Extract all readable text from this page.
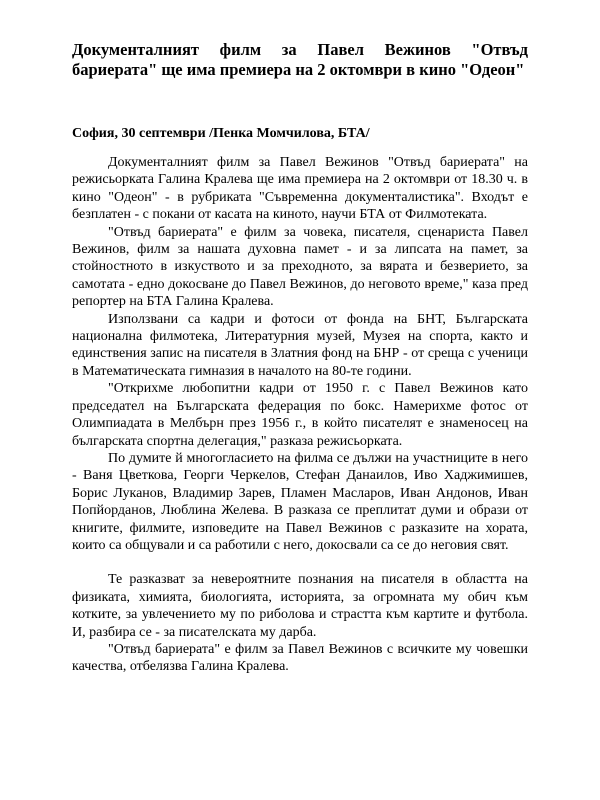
Документалният филм за Павел Вежинов "Отвъд бариерата" ще има премиера на 2 октомври в кино "Одеон"
София, 30 септември /Пенка Момчилова, БТА/

Документалният филм за Павел Вежинов "Отвъд бариерата" на режисьорката Галина Кралева ще има премиера на 2 октомври от 18.30 ч. в кино "Одеон" - в рубриката "Съвременна документалистика". Входът е безплатен - с покани от касата на киното, научи БТА от Филмотеката.

"Отвъд бариерата" е филм за човека, писателя, сценариста Павел Вежинов, филм за нашата духовна памет - и за липсата на памет, за стойностното в изкуството и за преходното, за вярата и безверието, за самотата - едно докосване до Павел Вежинов, до неговото време," каза пред репортер на БТА Галина Кралева.

Използвани са кадри и фотоси от фонда на БНТ, Българската национална филмотека, Литературния музей, Музея на спорта, както и единствения запис на писателя в Златния фонд на БНР - от среща с ученици в Математическата гимназия в началото на 80-те години.

"Открихме любопитни кадри от 1950 г. с Павел Вежинов като председател на Българската федерация по бокс. Намерихме фотос от Олимпиадата в Мелбърн през 1956 г., в който писателят е знаменосец на българската спортна делегация," разказа режисьорката.

По думите й многогласието на филма се дължи на участниците в него - Ваня Цветкова, Георги Черкелов, Стефан Данаилов, Иво Хаджимишев, Борис Луканов, Владимир Зарев, Пламен Масларов, Иван Андонов, Иван Попйорданов, Люблина Желева. В разказа се преплитат думи и образи от книгите, филмите, изповедите на Павел Вежинов с разказите на хората, които са общували и са работили с него, докосвали са се до неговия свят.

Те разказват за невероятните познания на писателя в областта на физиката, химията, биологията, историята, за огромната му обич към котките, за увлечението му по риболова и страстта към картите и футбола. И, разбира се - за писателската му дарба.

"Отвъд бариерата" е филм за Павел Вежинов с всичките му човешки качества, отбелязва Галина Кралева.
